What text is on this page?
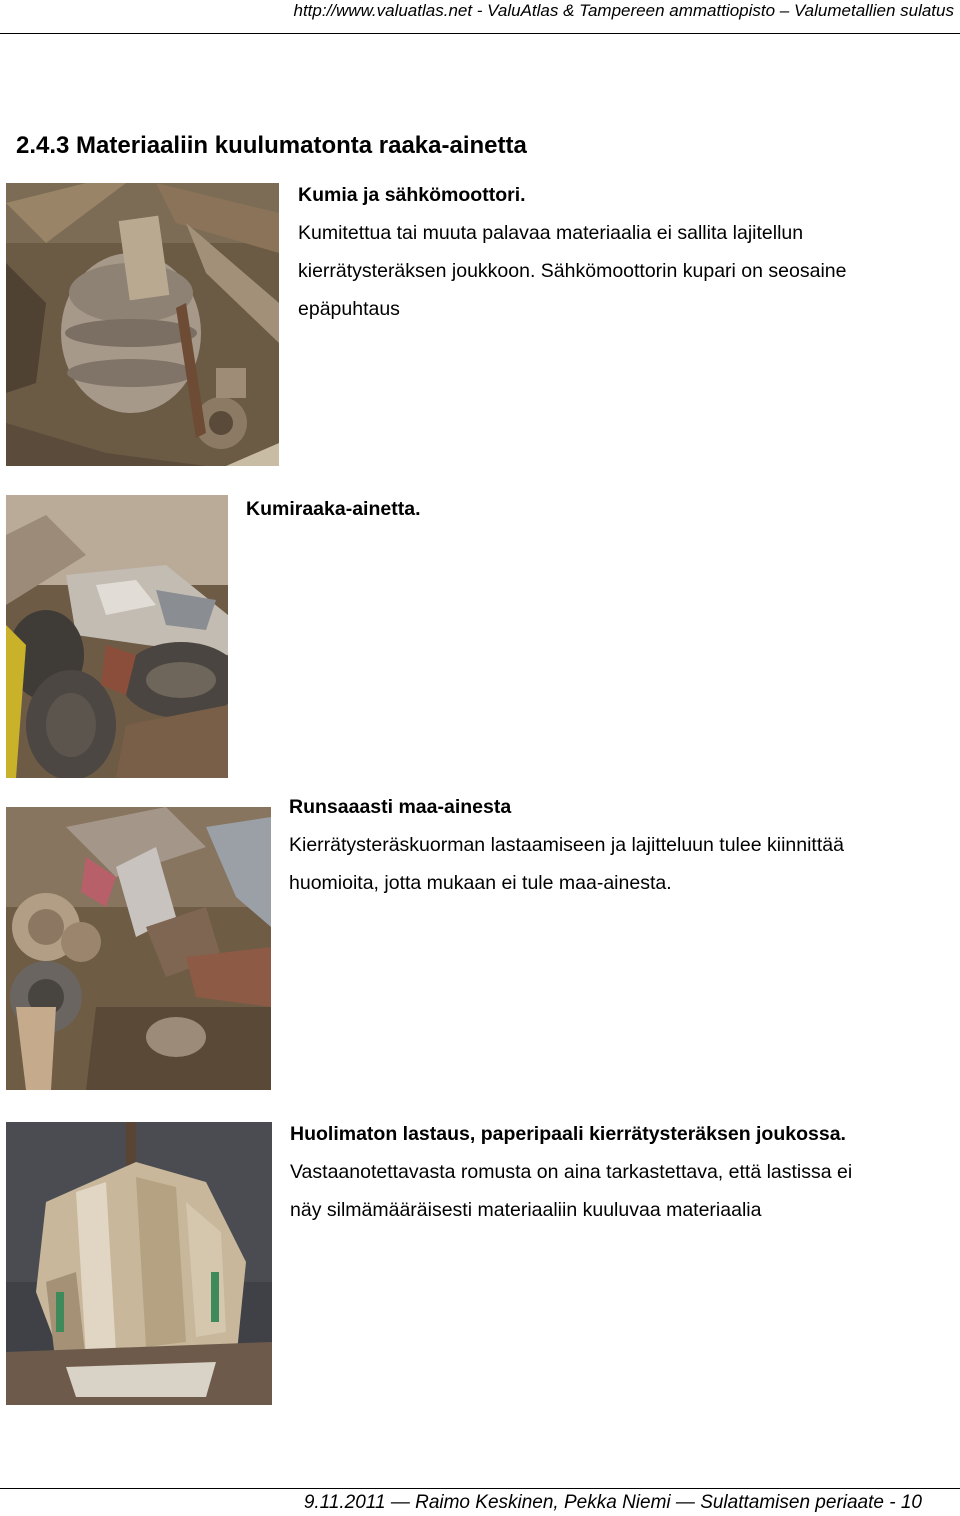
http://www.valuatlas.net - ValuAtlas & Tampereen ammattiopisto – Valumetallien sulatus
2.4.3 Materiaaliin kuulumatonta raaka-ainetta
Kumia ja sähkömoottori.
Kumitettua tai muuta palavaa materiaalia ei sallita lajitellun
kierrätysteräksen joukkoon. Sähkömoottorin kupari on seosaine
epäpuhtaus
Kumiraaka-ainetta.
Runsaaasti maa-ainesta
Kierrätysteräskuorman lastaamiseen ja lajitteluun tulee kiinnittää
huomioita, jotta mukaan ei tule maa-ainesta.
Huolimaton lastaus, paperipaali kierrätysteräksen joukossa.
Vastaanotettavasta romusta on aina tarkastettava, että lastissa ei
näy silmämääräisesti materiaaliin kuuluvaa materiaalia
9.11.2011 — Raimo Keskinen, Pekka Niemi — Sulattamisen periaate - 10
